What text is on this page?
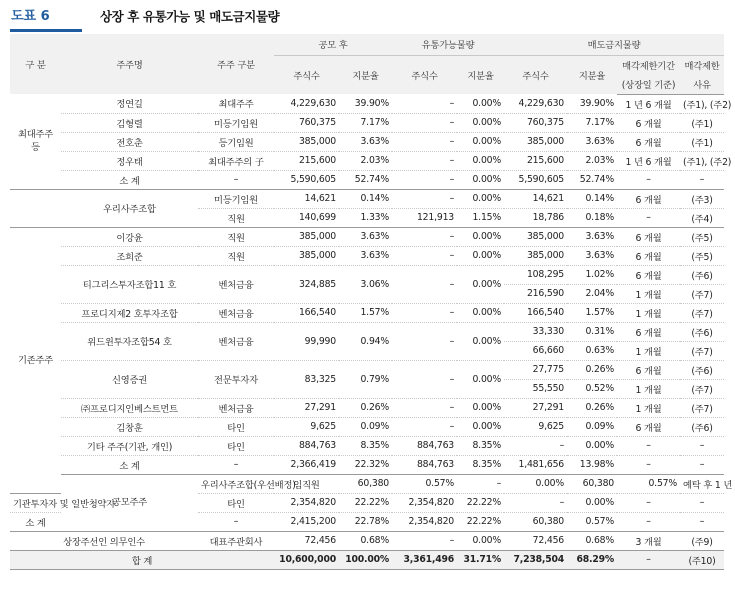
도표 6	상장 후 유통가능 및 매도금지물량
구 분	주주명	주주 구분	공모 후		유통가능물량		매도금지물량				
			주식수	지분율	주식수	지분율	주식수	지분율	매각제한기간	매각제한	
									(상장일 기준)	사유	
최대주주 등	정연길	최대주주	4,229,630	39.90%	–	0.00%	4,229,630	39.90%	1 년 6 개월	(주1), (주2)	
	김형렬	미등기임원	760,375	7.17%	–	0.00%	760,375	7.17%	6 개월	(주1)	
	전호춘	등기임원	385,000	3.63%	–	0.00%	385,000	3.63%	6 개월	(주1)	
	정우태	최대주주의 子	215,600	2.03%	–	0.00%	215,600	2.03%	1 년 6 개월	(주1), (주2)	
	소 계	–	5,590,605	52.74%	–	0.00%	5,590,605	52.74%	–	–	
	우리사주조합	미등기임원	14,621	0.14%	–	0.00%	14,621	0.14%	6 개월	(주3)	
		직원	140,699	1.33%	121,913	1.15%	18,786	0.18%	–	(주4)	
기존주주	이강윤	직원	385,000	3.63%	–	0.00%	385,000	3.63%	6 개월	(주5)	
	조희준	직원	385,000	3.63%	–	0.00%	385,000	3.63%	6 개월	(주5)	
	티그리스투자조합11 호	벤처금융	324,885	3.06%	–	0.00%	108,295	1.02%	6 개월	(주6)	
							216,590	2.04%	1 개월	(주7)	
	프로디지제2 호투자조합	벤처금융	166,540	1.57%	–	0.00%	166,540	1.57%	1 개월	(주7)	
	위드윈투자조합54 호	벤처금융	99,990	0.94%	–	0.00%	33,330	0.31%	6 개월	(주6)	
							66,660	0.63%	1 개월	(주7)	
	신영증권	전문투자자	83,325	0.79%	–	0.00%	27,775	0.26%	6 개월	(주6)	
							55,550	0.52%	1 개월	(주7)	
	㈜프로디지인베스트먼트	벤처금융	27,291	0.26%	–	0.00%	27,291	0.26%	1 개월	(주7)	
	김창훈	타인	9,625	0.09%	–	0.00%	9,625	0.09%	6 개월	(주6)	
	기타 주주(기관, 개인)	타인	884,763	8.35%	884,763	8.35%	–	0.00%	–	–	
	소 계	–	2,366,419	22.32%	884,763	8.35%	1,481,656	13.98%	–	–	
	공모주주	우리사주조합(우선배정)	임직원	60,380	0.57%	–	0.00%	60,380	0.57%	예탁 후 1 년	
기관투자자 및 일반청약자		타인	2,354,820	22.22%	2,354,820	22.22%	–	0.00%	–	–	
소 계		–	2,415,200	22.78%	2,354,820	22.22%	60,380	0.57%	–	–	
상장주선인 의무인수		대표주관회사	72,456	0.68%	–	0.00%	72,456	0.68%	3 개월	(주9)	
합 계			10,600,000	100.00%	3,361,496	31.71%	7,238,504	68.29%	–	(주10)	
